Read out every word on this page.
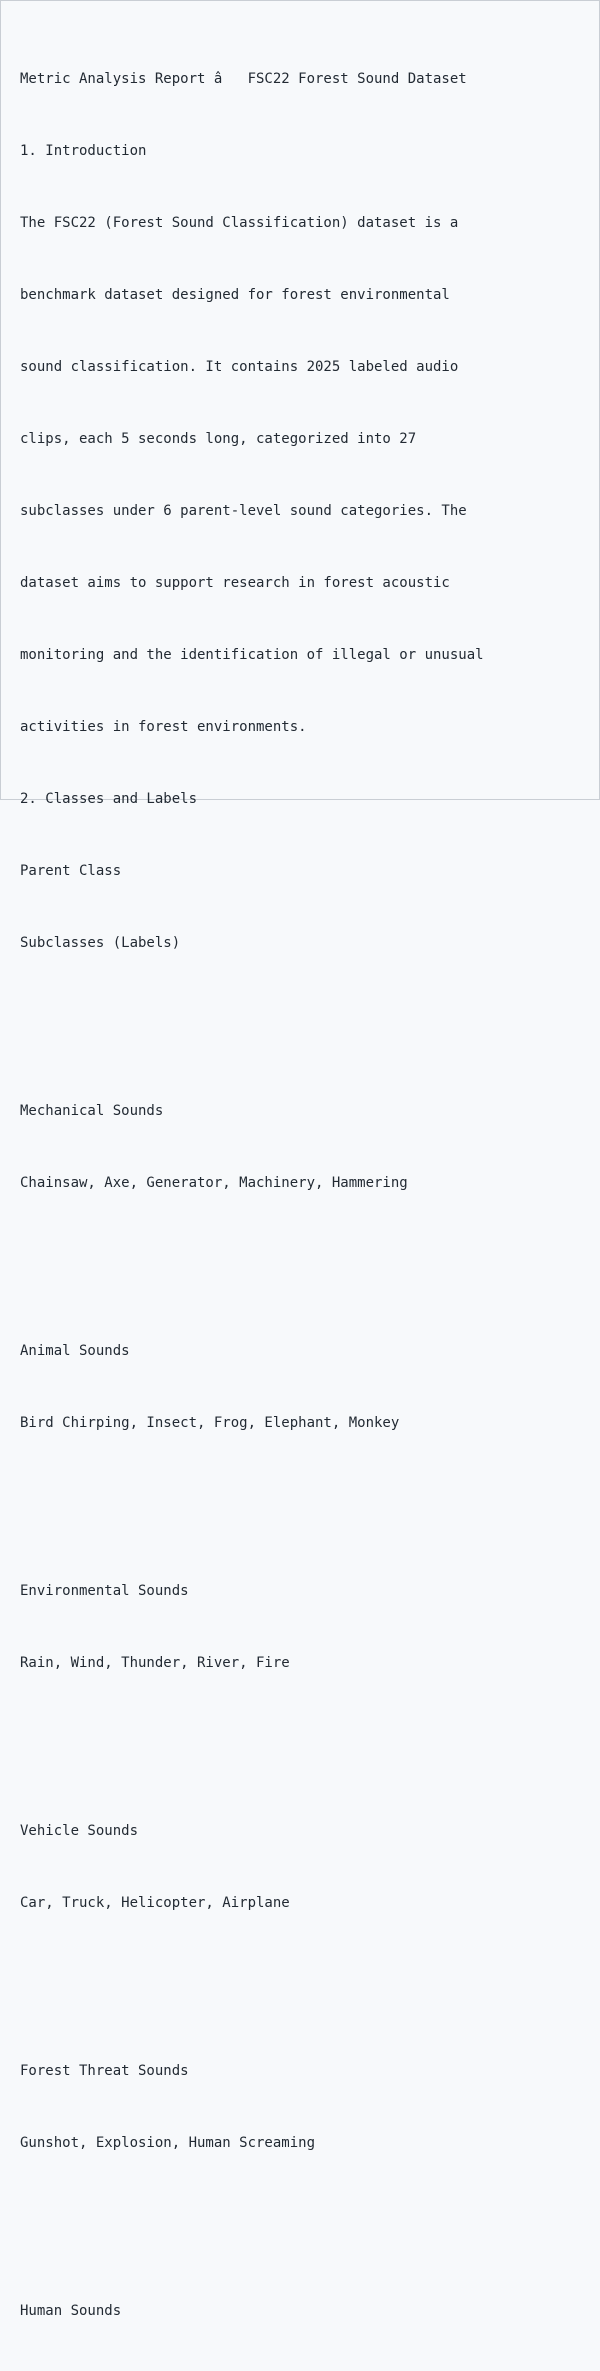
Metric Analysis Report â   FSC22 Forest Sound Dataset

1. Introduction

The FSC22 (Forest Sound Classification) dataset is a

benchmark dataset designed for forest environmental

sound classification. It contains 2025 labeled audio

clips, each 5 seconds long, categorized into 27

subclasses under 6 parent-level sound categories. The

dataset aims to support research in forest acoustic

monitoring and the identification of illegal or unusual

activities in forest environments.

2. Classes and Labels

Parent Class

Subclasses (Labels)

Mechanical Sounds

Chainsaw, Axe, Generator, Machinery, Hammering

Animal Sounds

Bird Chirping, Insect, Frog, Elephant, Monkey

Environmental Sounds

Rain, Wind, Thunder, River, Fire

Vehicle Sounds

Car, Truck, Helicopter, Airplane

Forest Threat Sounds

Gunshot, Explosion, Human Screaming

Human Sounds
